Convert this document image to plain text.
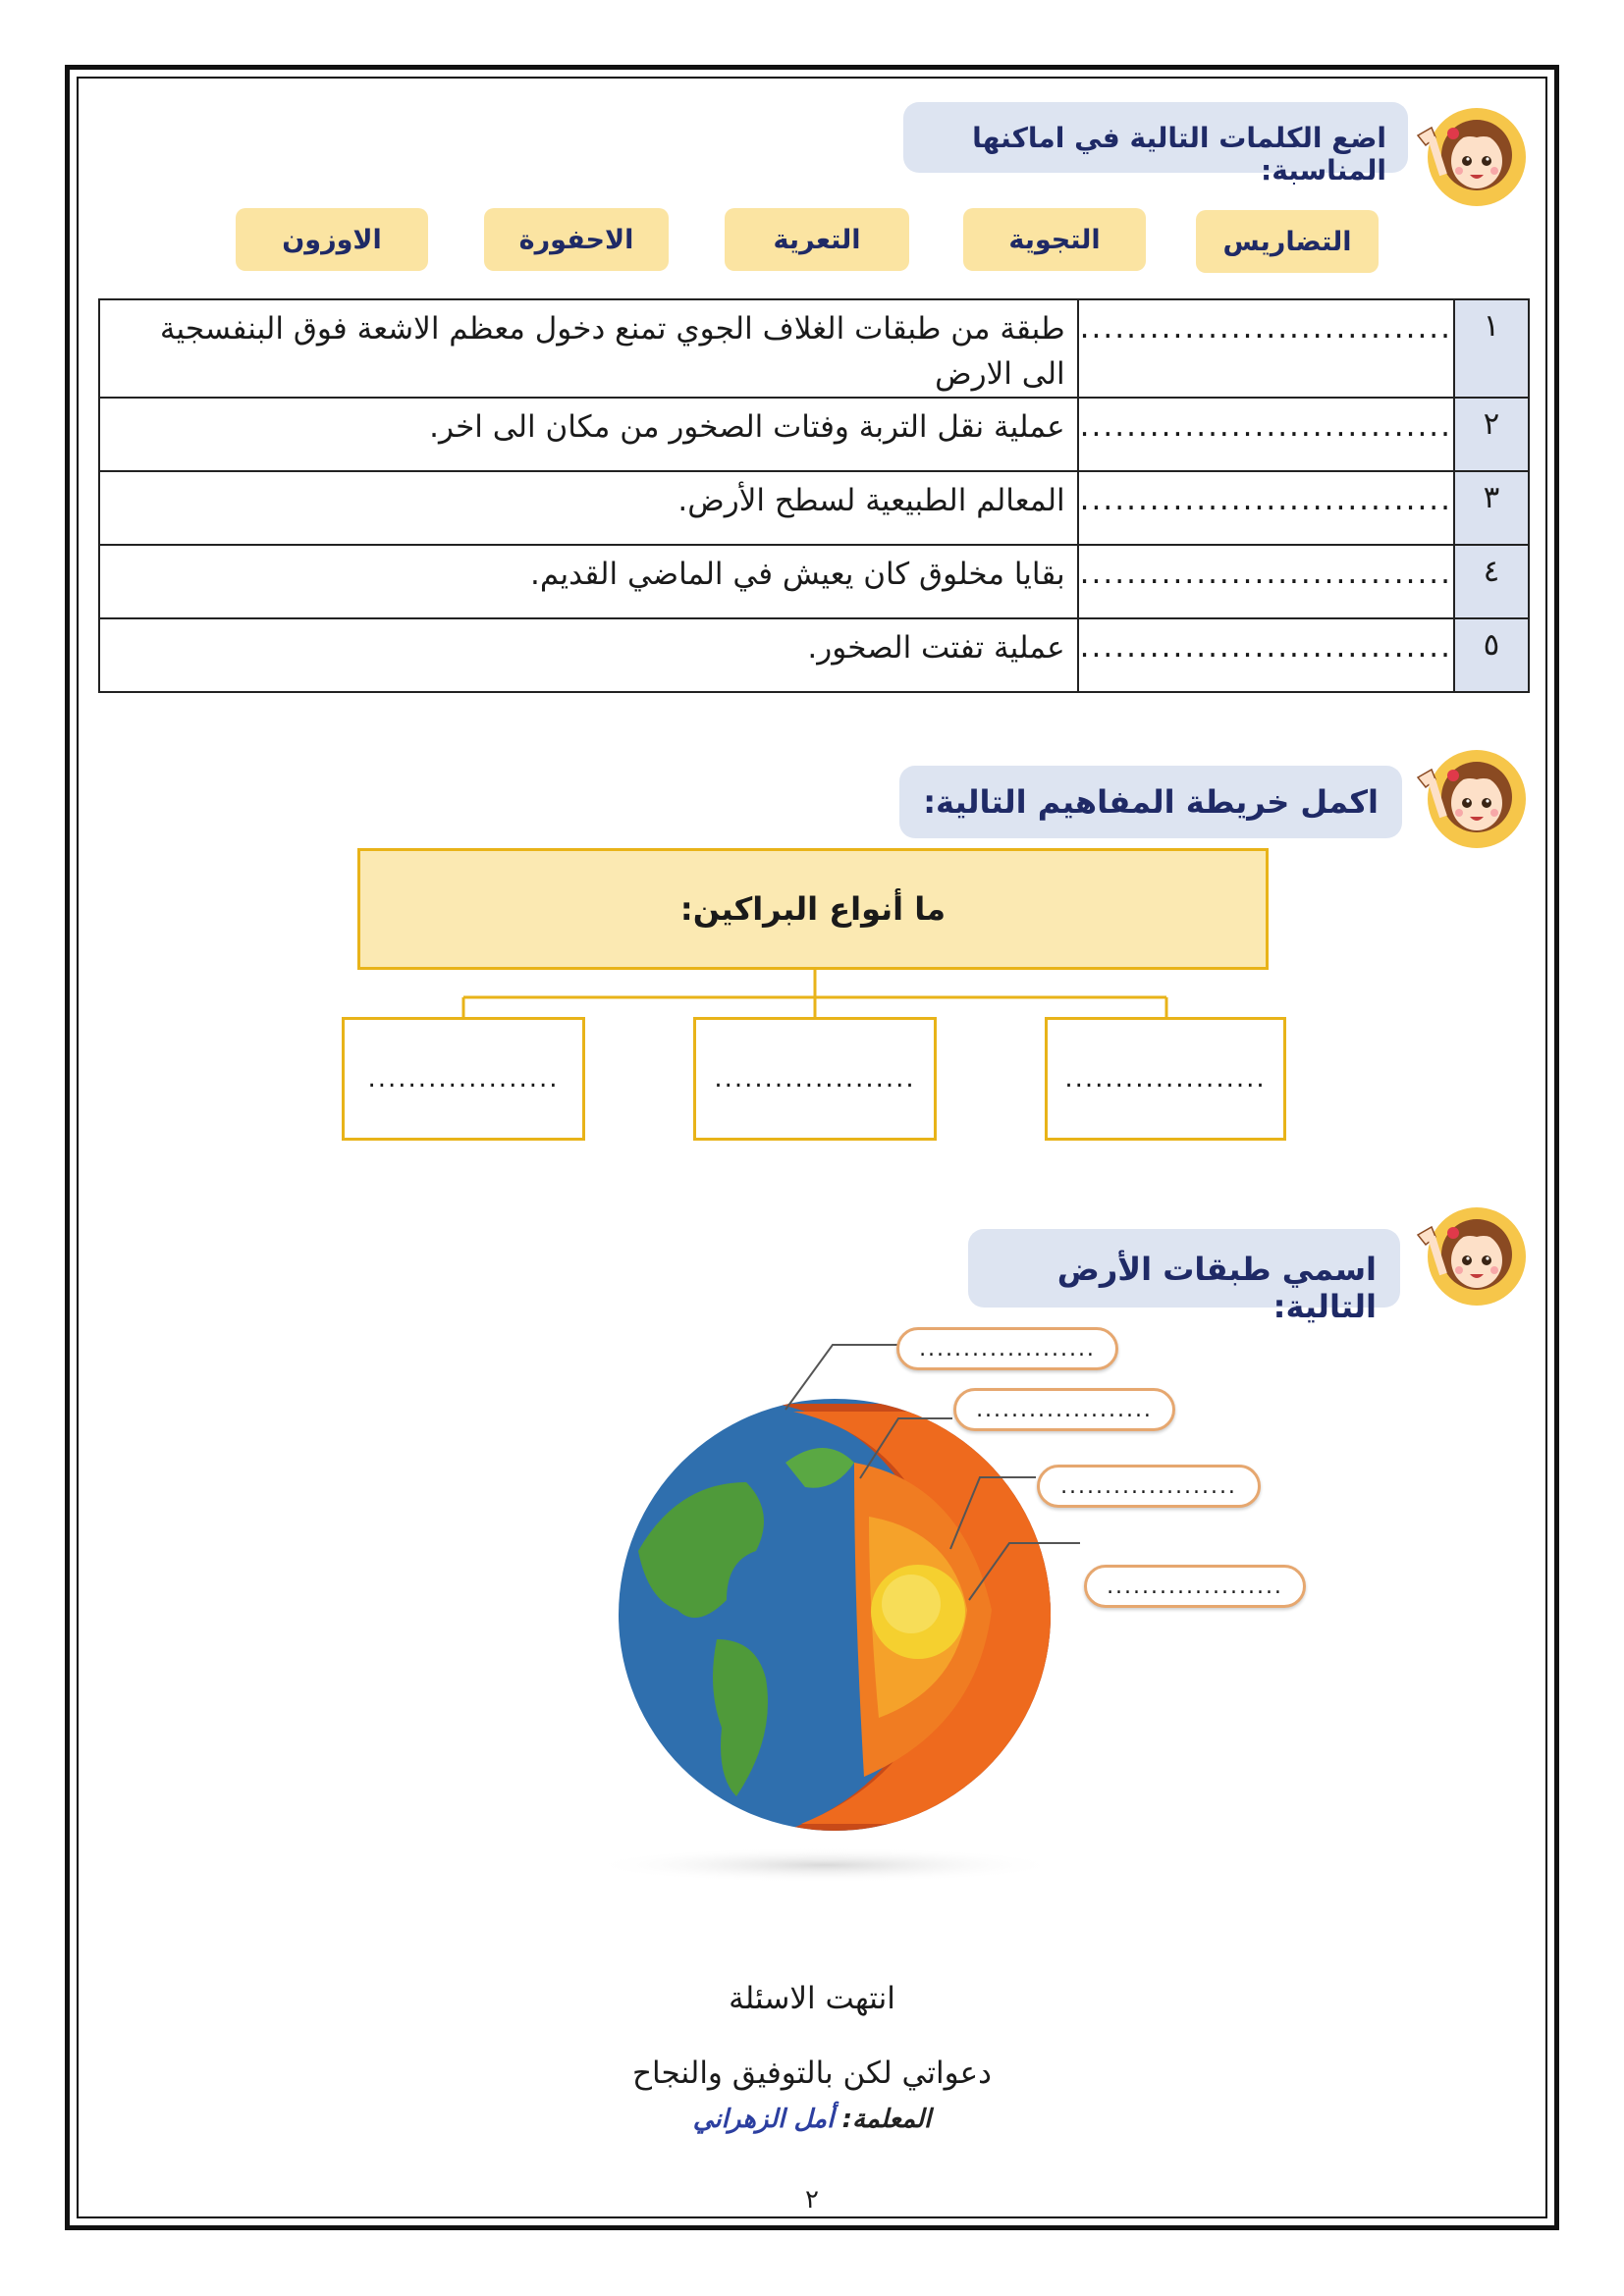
اضع الكلمات التالية في اماكنها المناسبة:
التضاريس
التجوية
التعرية
الاحفورة
الاوزون
١	................................	طبقة من طبقات الغلاف الجوي تمنع دخول معظم الاشعة فوق البنفسجية الى الارض
٢	................................	عملية نقل التربة وفتات الصخور من مكان الى اخر.
٣	................................	المعالم الطبيعية لسطح الأرض.
٤	................................	بقايا مخلوق كان يعيش في الماضي القديم.
٥	................................	عملية تفتت الصخور.
اكمل خريطة المفاهيم التالية:
ما أنواع البراكين:
....................
....................
...................
اسمي طبقات الأرض التالية:
....................
....................
....................
....................
انتهت الاسئلة
دعواتي لكن بالتوفيق والنجاح
المعلمة: أمل الزهراني
٢
